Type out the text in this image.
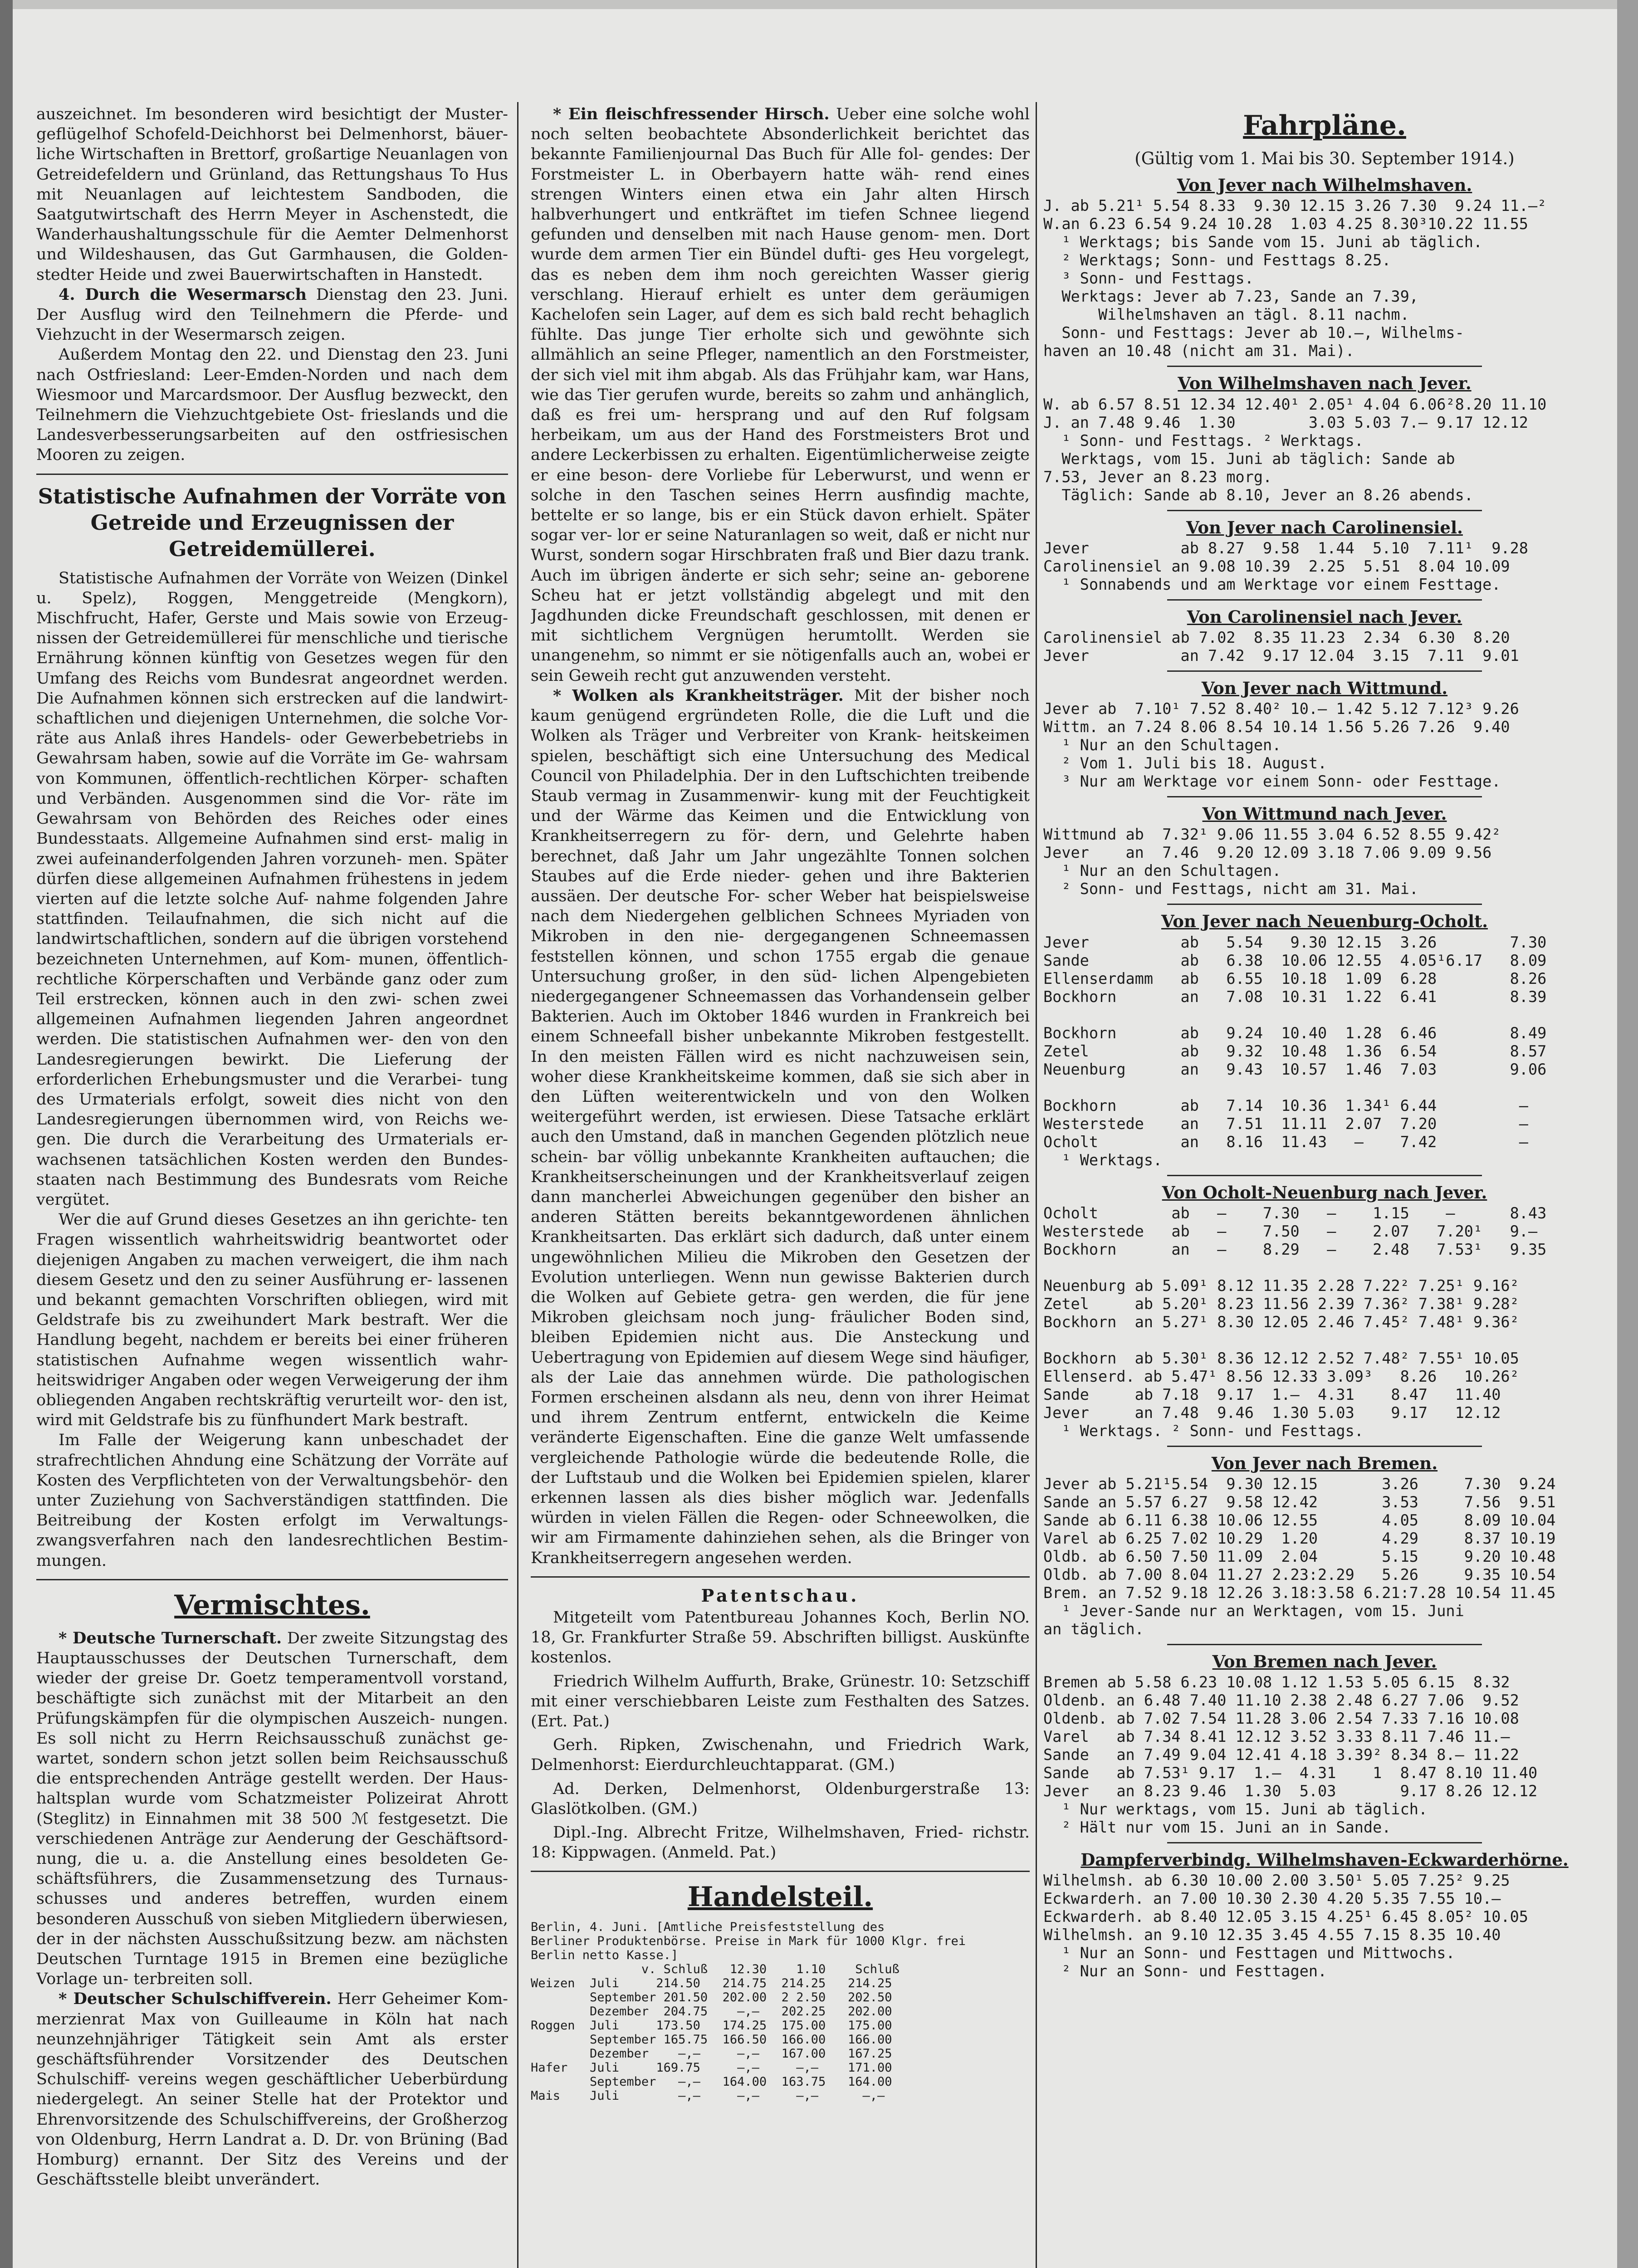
auszeichnet. Im besonderen wird besichtigt der Muster- geflügelhof Schofeld-Deichhorst bei Delmenhorst, bäuer- liche Wirtschaften in Brettorf, großartige Neuanlagen von Getreidefeldern und Grünland, das Rettungshaus To Hus mit Neuanlagen auf leichtestem Sandboden, die Saatgutwirtschaft des Herrn Meyer in Aschenstedt, die Wanderhaushaltungsschule für die Aemter Delmenhorst und Wildeshausen, das Gut Garmhausen, die Golden- stedter Heide und zwei Bauerwirtschaften in Hanstedt.

4. Durch die Wesermarsch Dienstag den 23. Juni. Der Ausflug wird den Teilnehmern die Pferde- und Viehzucht in der Wesermarsch zeigen.

Außerdem Montag den 22. und Dienstag den 23. Juni nach Ostfriesland: Leer-Emden-Norden und nach dem Wiesmoor und Marcardsmoor. Der Ausflug bezweckt, den Teilnehmern die Viehzuchtgebiete Ost- frieslands und die Landesverbesserungsarbeiten auf den ostfriesischen Mooren zu zeigen.

Statistische Aufnahmen der Vorräte von Getreide und Erzeugnissen der Getreidemüllerei.

Statistische Aufnahmen der Vorräte von Weizen (Dinkel u. Spelz), Roggen, Menggetreide (Mengkorn), Mischfrucht, Hafer, Gerste und Mais sowie von Erzeug- nissen der Getreidemüllerei für menschliche und tierische Ernährung können künftig von Gesetzes wegen für den Umfang des Reichs vom Bundesrat angeordnet werden. Die Aufnahmen können sich erstrecken auf die landwirt- schaftlichen und diejenigen Unternehmen, die solche Vor- räte aus Anlaß ihres Handels- oder Gewerbebetriebs in Gewahrsam haben, sowie auf die Vorräte im Ge- wahrsam von Kommunen, öffentlich-rechtlichen Körper- schaften und Verbänden. Ausgenommen sind die Vor- räte im Gewahrsam von Behörden des Reiches oder eines Bundesstaats. Allgemeine Aufnahmen sind erst- malig in zwei aufeinanderfolgenden Jahren vorzuneh- men. Später dürfen diese allgemeinen Aufnahmen frühestens in jedem vierten auf die letzte solche Auf- nahme folgenden Jahre stattfinden. Teilaufnahmen, die sich nicht auf die landwirtschaftlichen, sondern auf die übrigen vorstehend bezeichneten Unternehmen, auf Kom- munen, öffentlich-rechtliche Körperschaften und Verbände ganz oder zum Teil erstrecken, können auch in den zwi- schen zwei allgemeinen Aufnahmen liegenden Jahren angeordnet werden. Die statistischen Aufnahmen wer- den von den Landesregierungen bewirkt. Die Lieferung der erforderlichen Erhebungsmuster und die Verarbei- tung des Urmaterials erfolgt, soweit dies nicht von den Landesregierungen übernommen wird, von Reichs we- gen. Die durch die Verarbeitung des Urmaterials er- wachsenen tatsächlichen Kosten werden den Bundes- staaten nach Bestimmung des Bundesrats vom Reiche vergütet.

Wer die auf Grund dieses Gesetzes an ihn gerichte- ten Fragen wissentlich wahrheitswidrig beantwortet oder diejenigen Angaben zu machen verweigert, die ihm nach diesem Gesetz und den zu seiner Ausführung er- lassenen und bekannt gemachten Vorschriften obliegen, wird mit Geldstrafe bis zu zweihundert Mark bestraft. Wer die Handlung begeht, nachdem er bereits bei einer früheren statistischen Aufnahme wegen wissentlich wahr- heitswidriger Angaben oder wegen Verweigerung der ihm obliegenden Angaben rechtskräftig verurteilt wor- den ist, wird mit Geldstrafe bis zu fünfhundert Mark bestraft.

Im Falle der Weigerung kann unbeschadet der strafrechtlichen Ahndung eine Schätzung der Vorräte auf Kosten des Verpflichteten von der Verwaltungsbehör- den unter Zuziehung von Sachverständigen stattfinden. Die Beitreibung der Kosten erfolgt im Verwaltungs- zwangsverfahren nach den landesrechtlichen Bestim- mungen.

Vermischtes.

* Deutsche Turnerschaft. Der zweite Sitzungstag des Hauptausschusses der Deutschen Turnerschaft, dem wieder der greise Dr. Goetz temperamentvoll vorstand, beschäftigte sich zunächst mit der Mitarbeit an den Prüfungskämpfen für die olympischen Auszeich- nungen. Es soll nicht zu Herrn Reichsausschuß zunächst ge- wartet, sondern schon jetzt sollen beim Reichsausschuß die entsprechenden Anträge gestellt werden. Der Haus- haltsplan wurde vom Schatzmeister Polizeirat Ahrott (Steglitz) in Einnahmen mit 38 500 ℳ festgesetzt. Die verschiedenen Anträge zur Aenderung der Geschäftsord- nung, die u. a. die Anstellung eines besoldeten Ge- schäftsführers, die Zusammensetzung des Turnaus- schusses und anderes betreffen, wurden einem besonderen Ausschuß von sieben Mitgliedern überwiesen, der in der nächsten Ausschußsitzung bezw. am nächsten Deutschen Turntage 1915 in Bremen eine bezügliche Vorlage un- terbreiten soll.

* Deutscher Schulschiffverein. Herr Geheimer Kom- merzienrat Max von Guilleaume in Köln hat nach neunzehnjähriger Tätigkeit sein Amt als erster geschäftsführender Vorsitzender des Deutschen Schulschiff- vereins wegen geschäftlicher Ueberbürdung niedergelegt. An seiner Stelle hat der Protektor und Ehrenvorsitzende des Schulschiffvereins, der Großherzog von Oldenburg, Herrn Landrat a. D. Dr. von Brüning (Bad Homburg) ernannt. Der Sitz des Vereins und der Geschäftsstelle bleibt unverändert.

* Ein fleischfressender Hirsch. Ueber eine solche wohl noch selten beobachtete Absonderlichkeit berichtet das bekannte Familienjournal Das Buch für Alle fol- gendes: Der Forstmeister L. in Oberbayern hatte wäh- rend eines strengen Winters einen etwa ein Jahr alten Hirsch halbverhungert und entkräftet im tiefen Schnee liegend gefunden und denselben mit nach Hause genom- men. Dort wurde dem armen Tier ein Bündel dufti- ges Heu vorgelegt, das es neben dem ihm noch gereichten Wasser gierig verschlang. Hierauf erhielt es unter dem geräumigen Kachelofen sein Lager, auf dem es sich bald recht behaglich fühlte. Das junge Tier erholte sich und gewöhnte sich allmählich an seine Pfleger, namentlich an den Forstmeister, der sich viel mit ihm abgab. Als das Frühjahr kam, war Hans, wie das Tier gerufen wurde, bereits so zahm und anhänglich, daß es frei um- hersprang und auf den Ruf folgsam herbeikam, um aus der Hand des Forstmeisters Brot und andere Leckerbissen zu erhalten. Eigentümlicherweise zeigte er eine beson- dere Vorliebe für Leberwurst, und wenn er solche in den Taschen seines Herrn ausfindig machte, bettelte er so lange, bis er ein Stück davon erhielt. Später sogar ver- lor er seine Naturanlagen so weit, daß er nicht nur Wurst, sondern sogar Hirschbraten fraß und Bier dazu trank. Auch im übrigen änderte er sich sehr; seine an- geborene Scheu hat er jetzt vollständig abgelegt und mit den Jagdhunden dicke Freundschaft geschlossen, mit denen er mit sichtlichem Vergnügen herumtollt. Werden sie unangenehm, so nimmt er sie nötigenfalls auch an, wobei er sein Geweih recht gut anzuwenden versteht.

* Wolken als Krankheitsträger. Mit der bisher noch kaum genügend ergründeten Rolle, die die Luft und die Wolken als Träger und Verbreiter von Krank- heitskeimen spielen, beschäftigt sich eine Untersuchung des Medical Council von Philadelphia. Der in den Luftschichten treibende Staub vermag in Zusammenwir- kung mit der Feuchtigkeit und der Wärme das Keimen und die Entwicklung von Krankheitserregern zu för- dern, und Gelehrte haben berechnet, daß Jahr um Jahr ungezählte Tonnen solchen Staubes auf die Erde nieder- gehen und ihre Bakterien aussäen. Der deutsche For- scher Weber hat beispielsweise nach dem Niedergehen gelblichen Schnees Myriaden von Mikroben in den nie- dergegangenen Schneemassen feststellen können, und schon 1755 ergab die genaue Untersuchung großer, in den süd- lichen Alpengebieten niedergegangener Schneemassen das Vorhandensein gelber Bakterien. Auch im Oktober 1846 wurden in Frankreich bei einem Schneefall bisher unbekannte Mikroben festgestellt. In den meisten Fällen wird es nicht nachzuweisen sein, woher diese Krankheitskeime kommen, daß sie sich aber in den Lüften weiterentwickeln und von den Wolken weitergeführt werden, ist erwiesen. Diese Tatsache erklärt auch den Umstand, daß in manchen Gegenden plötzlich neue schein- bar völlig unbekannte Krankheiten auftauchen; die Krankheitserscheinungen und der Krankheitsverlauf zeigen dann mancherlei Abweichungen gegenüber den bisher an anderen Stätten bereits bekanntgewordenen ähnlichen Krankheitsarten. Das erklärt sich dadurch, daß unter einem ungewöhnlichen Milieu die Mikroben den Gesetzen der Evolution unterliegen. Wenn nun gewisse Bakterien durch die Wolken auf Gebiete getra- gen werden, die für jene Mikroben gleichsam noch jung- fräulicher Boden sind, bleiben Epidemien nicht aus. Die Ansteckung und Uebertragung von Epidemien auf diesem Wege sind häufiger, als der Laie das annehmen würde. Die pathologischen Formen erscheinen alsdann als neu, denn von ihrer Heimat und ihrem Zentrum entfernt, entwickeln die Keime veränderte Eigenschaften. Eine die ganze Welt umfassende vergleichende Pathologie würde die bedeutende Rolle, die der Luftstaub und die Wolken bei Epidemien spielen, klarer erkennen lassen als dies bisher möglich war. Jedenfalls würden in vielen Fällen die Regen- oder Schneewolken, die wir am Firmamente dahinziehen sehen, als die Bringer von Krankheitserregern angesehen werden.

Patentschau.

Mitgeteilt vom Patentbureau Johannes Koch, Berlin NO. 18, Gr. Frankfurter Straße 59. Abschriften billigst. Auskünfte kostenlos.

Friedrich Wilhelm Auffurth, Brake, Grünestr. 10: Setzschiff mit einer verschiebbaren Leiste zum Festhalten des Satzes. (Ert. Pat.)

Gerh. Ripken, Zwischenahn, und Friedrich Wark, Delmenhorst: Eierdurchleuchtapparat. (GM.)

Ad. Derken, Delmenhorst, Oldenburgerstraße 13: Glaslötkolben. (GM.)

Dipl.-Ing. Albrecht Fritze, Wilhelmshaven, Fried- richstr. 18: Kippwagen. (Anmeld. Pat.)

Handelsteil.
Berlin, 4. Juni. [Amtliche Preisfeststellung des
Berliner Produktenbörse. Preise in Mark für 1000 Klgr. frei
Berlin netto Kasse.]
v. Schluß   12.30    1.10    Schluß
Weizen  Juli     214.50   214.75  214.25   214.25
September 201.50  202.00  2 2.50   202.50
Dezember  204.75    —,—   202.25   202.00
Roggen  Juli     173.50   174.25  175.00   175.00
September 165.75  166.50  166.00   166.00
Dezember    —,—     —,—   167.00   167.25
Hafer   Juli     169.75     —,—     —,—    171.00
September   —,—   164.00  163.75   164.00
Mais    Juli        —,—     —,—     —,—      —,—
Fahrpläne.
(Gültig vom 1. Mai bis 30. September 1914.)
Von Jever nach Wilhelmshaven.
J. ab 5.21¹ 5.54 8.33  9.30 12.15 3.26 7.30  9.24 11.—²
W.an 6.23 6.54 9.24 10.28  1.03 4.25 8.30³10.22 11.55
¹ Werktags; bis Sande vom 15. Juni ab täglich.
² Werktags; Sonn- und Festtags 8.25.
³ Sonn- und Festtags.
Werktags: Jever ab 7.23, Sande an 7.39,
Wilhelmshaven an tägl. 8.11 nachm.
Sonn- und Festtags: Jever ab 10.—, Wilhelms-
haven an 10.48 (nicht am 31. Mai).
Von Wilhelmshaven nach Jever.
W. ab 6.57 8.51 12.34 12.40¹ 2.05¹ 4.04 6.06²8.20 11.10
J. an 7.48 9.46  1.30        3.03 5.03 7.— 9.17 12.12
¹ Sonn- und Festtags. ² Werktags.
Werktags, vom 15. Juni ab täglich: Sande ab
7.53, Jever an 8.23 morg.
Täglich: Sande ab 8.10, Jever an 8.26 abends.
Von Jever nach Carolinensiel.
Jever          ab 8.27  9.58  1.44  5.10  7.11¹  9.28
Carolinensiel an 9.08 10.39  2.25  5.51  8.04 10.09
¹ Sonnabends und am Werktage vor einem Festtage.
Von Carolinensiel nach Jever.
Carolinensiel ab 7.02  8.35 11.23  2.34  6.30  8.20
Jever          an 7.42  9.17 12.04  3.15  7.11  9.01
Von Jever nach Wittmund.
Jever ab  7.10¹ 7.52 8.40² 10.— 1.42 5.12 7.12³ 9.26
Wittm. an 7.24 8.06 8.54 10.14 1.56 5.26 7.26  9.40
¹ Nur an den Schultagen.
² Vom 1. Juli bis 18. August.
³ Nur am Werktage vor einem Sonn- oder Festtage.
Von Wittmund nach Jever.
Wittmund ab  7.32¹ 9.06 11.55 3.04 6.52 8.55 9.42²
Jever    an  7.46  9.20 12.09 3.18 7.06 9.09 9.56
¹ Nur an den Schultagen.
² Sonn- und Festtags, nicht am 31. Mai.
Von Jever nach Neuenburg-Ocholt.
Jever          ab   5.54   9.30 12.15  3.26        7.30
Sande          ab   6.38  10.06 12.55  4.05¹6.17   8.09
Ellenserdamm   ab   6.55  10.18  1.09  6.28        8.26
Bockhorn       an   7.08  10.31  1.22  6.41        8.39

Bockhorn       ab   9.24  10.40  1.28  6.46        8.49
Zetel          ab   9.32  10.48  1.36  6.54        8.57
Neuenburg      an   9.43  10.57  1.46  7.03        9.06

Bockhorn       ab   7.14  10.36  1.34¹ 6.44         —
Westerstede    an   7.51  11.11  2.07  7.20         —
Ocholt         an   8.16  11.43   —    7.42         —
¹ Werktags.
Von Ocholt-Neuenburg nach Jever.
Ocholt        ab   —    7.30   —    1.15    —      8.43
Westerstede   ab   —    7.50   —    2.07   7.20¹   9.—
Bockhorn      an   —    8.29   —    2.48   7.53¹   9.35

Neuenburg ab 5.09¹ 8.12 11.35 2.28 7.22² 7.25¹ 9.16²
Zetel     ab 5.20¹ 8.23 11.56 2.39 7.36² 7.38¹ 9.28²
Bockhorn  an 5.27¹ 8.30 12.05 2.46 7.45² 7.48¹ 9.36²

Bockhorn  ab 5.30¹ 8.36 12.12 2.52 7.48² 7.55¹ 10.05
Ellenserd. ab 5.47¹ 8.56 12.33 3.09³   8.26   10.26²
Sande     ab 7.18  9.17  1.—  4.31    8.47   11.40
Jever     an 7.48  9.46  1.30 5.03    9.17   12.12
¹ Werktags. ² Sonn- und Festtags.
Von Jever nach Bremen.
Jever ab 5.21¹5.54  9.30 12.15       3.26     7.30  9.24
Sande an 5.57 6.27  9.58 12.42       3.53     7.56  9.51
Sande ab 6.11 6.38 10.06 12.55       4.05     8.09 10.04
Varel ab 6.25 7.02 10.29  1.20       4.29     8.37 10.19
Oldb. ab 6.50 7.50 11.09  2.04       5.15     9.20 10.48
Oldb. ab 7.00 8.04 11.27 2.23:2.29   5.26     9.35 10.54
Brem. an 7.52 9.18 12.26 3.18:3.58 6.21:7.28 10.54 11.45
¹ Jever-Sande nur an Werktagen, vom 15. Juni
an täglich.
Von Bremen nach Jever.
Bremen ab 5.58 6.23 10.08 1.12 1.53 5.05 6.15  8.32
Oldenb. an 6.48 7.40 11.10 2.38 2.48 6.27 7.06  9.52
Oldenb. ab 7.02 7.54 11.28 3.06 2.54 7.33 7.16 10.08
Varel   ab 7.34 8.41 12.12 3.52 3.33 8.11 7.46 11.—
Sande   an 7.49 9.04 12.41 4.18 3.39² 8.34 8.— 11.22
Sande   ab 7.53¹ 9.17  1.—  4.31    1  8.47 8.10 11.40
Jever   an 8.23 9.46  1.30  5.03       9.17 8.26 12.12
¹ Nur werktags, vom 15. Juni ab täglich.
² Hält nur vom 15. Juni an in Sande.
Dampferverbindg. Wilhelmshaven-Eckwarderhörne.
Wilhelmsh. ab 6.30 10.00 2.00 3.50¹ 5.05 7.25² 9.25
Eckwarderh. an 7.00 10.30 2.30 4.20 5.35 7.55 10.—
Eckwarderh. ab 8.40 12.05 3.15 4.25¹ 6.45 8.05² 10.05
Wilhelmsh. an 9.10 12.35 3.45 4.55 7.15 8.35 10.40
¹ Nur an Sonn- und Festtagen und Mittwochs.
² Nur an Sonn- und Festtagen.
